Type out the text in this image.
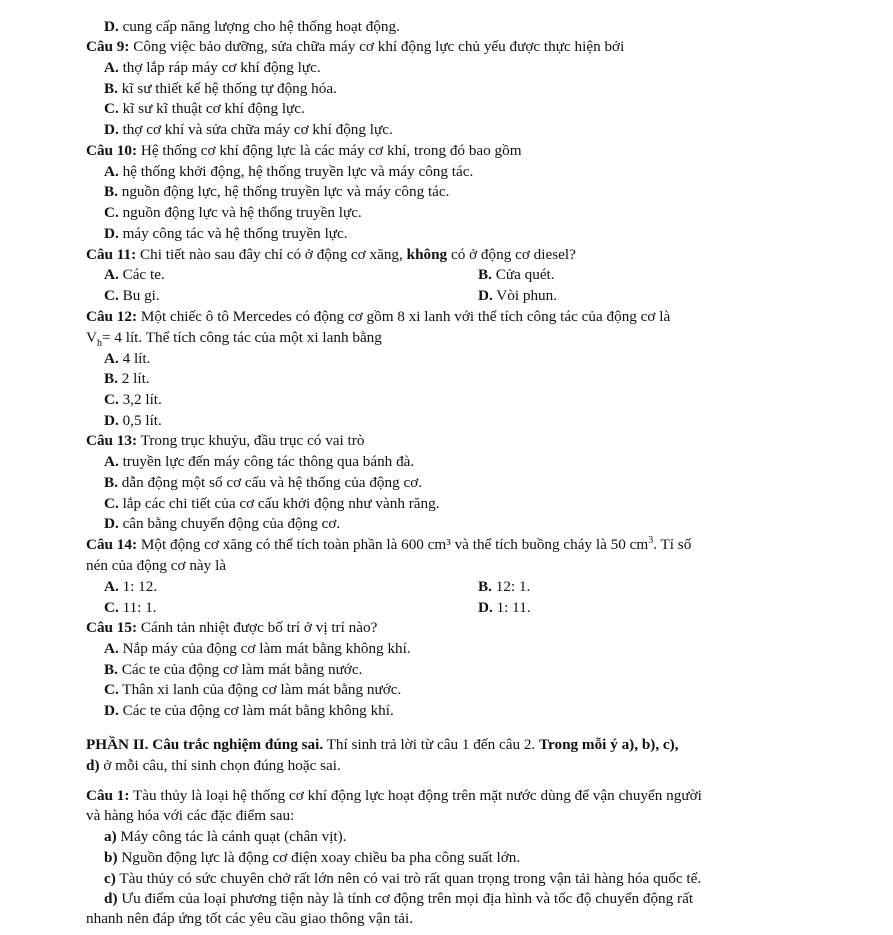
D. cung cấp năng lượng cho hệ thống hoạt động.
Câu 9: Công việc bảo dưỡng, sửa chữa máy cơ khí động lực chủ yếu được thực hiện bởi
A. thợ lắp ráp máy cơ khí động lực.
B. kĩ sư thiết kế hệ thống tự động hóa.
C. kĩ sư kĩ thuật cơ khí động lực.
D. thợ cơ khí và sửa chữa máy cơ khí động lực.
Câu 10: Hệ thống cơ khí động lực là các máy cơ khí, trong đó bao gồm
A. hệ thống khởi động, hệ thống truyền lực và máy công tác.
B. nguồn động lực, hệ thống truyền lực và máy công tác.
C. nguồn động lực và hệ thống truyền lực.
D. máy công tác và hệ thống truyền lực.
Câu 11: Chi tiết nào sau đây chỉ có ở động cơ xăng, không có ở động cơ diesel?
A. Các te.	B. Cửa quét.
C. Bu gi.	D. Vòi phun.
Câu 12: Một chiếc ô tô Mercedes có động cơ gồm 8 xi lanh với thể tích công tác của động cơ là
$V_h= 4$ lít. Thể tích công tác của một xi lanh bằng
A. 4 lít.
B. 2 lít.
C. 3,2 lít.
D. 0,5 lít.
Câu 13: Trong trục khuỷu, đầu trục có vai trò
A. truyền lực đến máy công tác thông qua bánh đà.
B. dẫn động một số cơ cấu và hệ thống của động cơ.
C. lắp các chi tiết của cơ cấu khởi động như vành răng.
D. cân bằng chuyển động của động cơ.
Câu 14: Một động cơ xăng có thể tích toàn phần là 600 cm³ và thể tích buồng cháy là 50 $cm^3$. Tỉ số
nén của động cơ này là
A. 1: 12.	B. 12: 1.
C. 11: 1.	D. 1: 11.
Câu 15: Cánh tản nhiệt được bố trí ở vị trí nào?
A. Nắp máy của động cơ làm mát bằng không khí.
B. Các te của động cơ làm mát bằng nước.
C. Thân xi lanh của động cơ làm mát bằng nước.
D. Các te của động cơ làm mát bằng không khí.
PHẦN II. Câu trắc nghiệm đúng sai. Thí sinh trả lời từ câu 1 đến câu 2. Trong mỗi ý a), b), c),
d) ở mỗi câu, thí sinh chọn đúng hoặc sai.
Câu 1: Tàu thủy là loại hệ thống cơ khí động lực hoạt động trên mặt nước dùng để vận chuyển người
và hàng hóa với các đặc điểm sau:
a) Máy công tác là cánh quạt (chân vịt).
b) Nguồn động lực là động cơ điện xoay chiều ba pha công suất lớn.
c) Tàu thủy có sức chuyên chở rất lớn nên có vai trò rất quan trọng trong vận tải hàng hóa quốc tế.
d) Ưu điểm của loại phương tiện này là tính cơ động trên mọi địa hình và tốc độ chuyển động rất
nhanh nên đáp ứng tốt các yêu cầu giao thông vận tải.
